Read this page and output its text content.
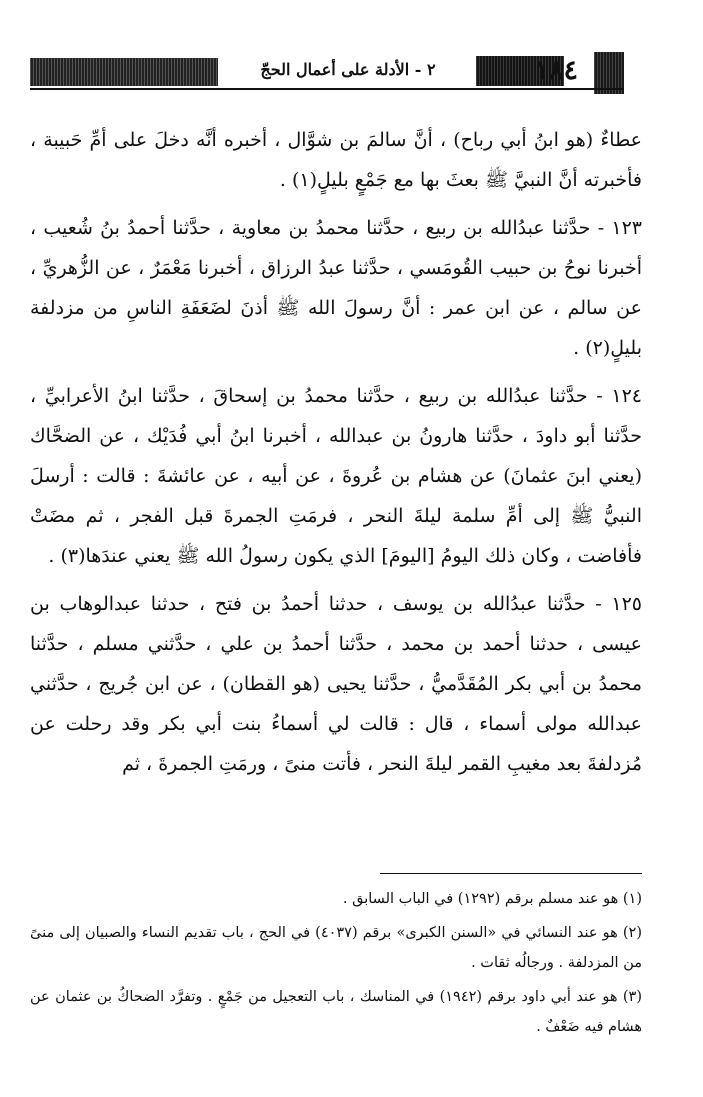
٢ - الأدلة على أعمال الحجّ	١٨٤

عطاءٌ (هو ابنُ أبي رباح) ، أنَّ سالمَ بن شوَّال ، أخبره أنَّه دخلَ على أمِّ حَبيبة ، فأخبرته أنَّ النبيَّ ﷺ بعثَ بها مع جَمْعٍ بليلٍ(١) .

١٢٣ - حدَّثنا عبدُالله بن ربيع ، حدَّثنا محمدُ بن معاوية ، حدَّثنا أحمدُ بنُ شُعيب ، أخبرنا نوحُ بن حبيب القُومَسي ، حدَّثنا عبدُ الرزاق ، أخبرنا مَعْمَرٌ ، عن الزُّهريِّ ، عن سالم ، عن ابن عمر : أنَّ رسولَ الله ﷺ أذنَ لضَعَفَةِ الناسِ من مزدلفة بليلٍ(٢) .

١٢٤ - حدَّثنا عبدُالله بن ربيع ، حدَّثنا محمدُ بن إسحاقَ ، حدَّثنا ابنُ الأعرابيِّ ، حدَّثنا أبو داودَ ، حدَّثنا هارونُ بن عبدالله ، أخبرنا ابنُ أبي فُدَيْك ، عن الضحَّاك (يعني ابنَ عثمانَ) عن هشام بن عُروةَ ، عن أبيه ، عن عائشةَ : قالت : أرسلَ النبيُّ ﷺ إلى أمِّ سلمة ليلةَ النحر ، فرمَتِ الجمرةَ قبل الفجر ، ثم مضَتْ فأفاضت ، وكان ذلك اليومُ [اليومَ] الذي يكون رسولُ الله ﷺ يعني عندَها(٣) .

١٢٥ - حدَّثنا عبدُالله بن يوسف ، حدثنا أحمدُ بن فتح ، حدثنا عبدالوهاب بن عيسى ، حدثنا أحمد بن محمد ، حدَّثنا أحمدُ بن علي ، حدَّثني مسلم ، حدَّثنا محمدُ بن أبي بكر المُقَدَّميُّ ، حدَّثنا يحيى (هو القطان) ، عن ابن جُريج ، حدَّثني عبدالله مولى أسماء ، قال : قالت لي أسماءُ بنت أبي بكر وقد رحلت عن مُزدلفةَ بعد مغيبِ القمر ليلةَ النحر ، فأتت منىً ، ورمَتِ الجمرةَ ، ثم

(١) هو عند مسلم برقم (١٢٩٢) في الباب السابق .

(٢) هو عند النسائي في «السنن الكبرى» برقم (٤٠٣٧) في الحج ، باب تقديم النساء والصبيان إلى منىً من المزدلفة . ورجالُه ثقات .

(٣) هو عند أبي داود برقم (١٩٤٢) في المناسك ، باب التعجيل من جَمْعٍ . وتفرَّد الضحاكُ بن عثمان عن هشام فيه ضَعْفٌ .
